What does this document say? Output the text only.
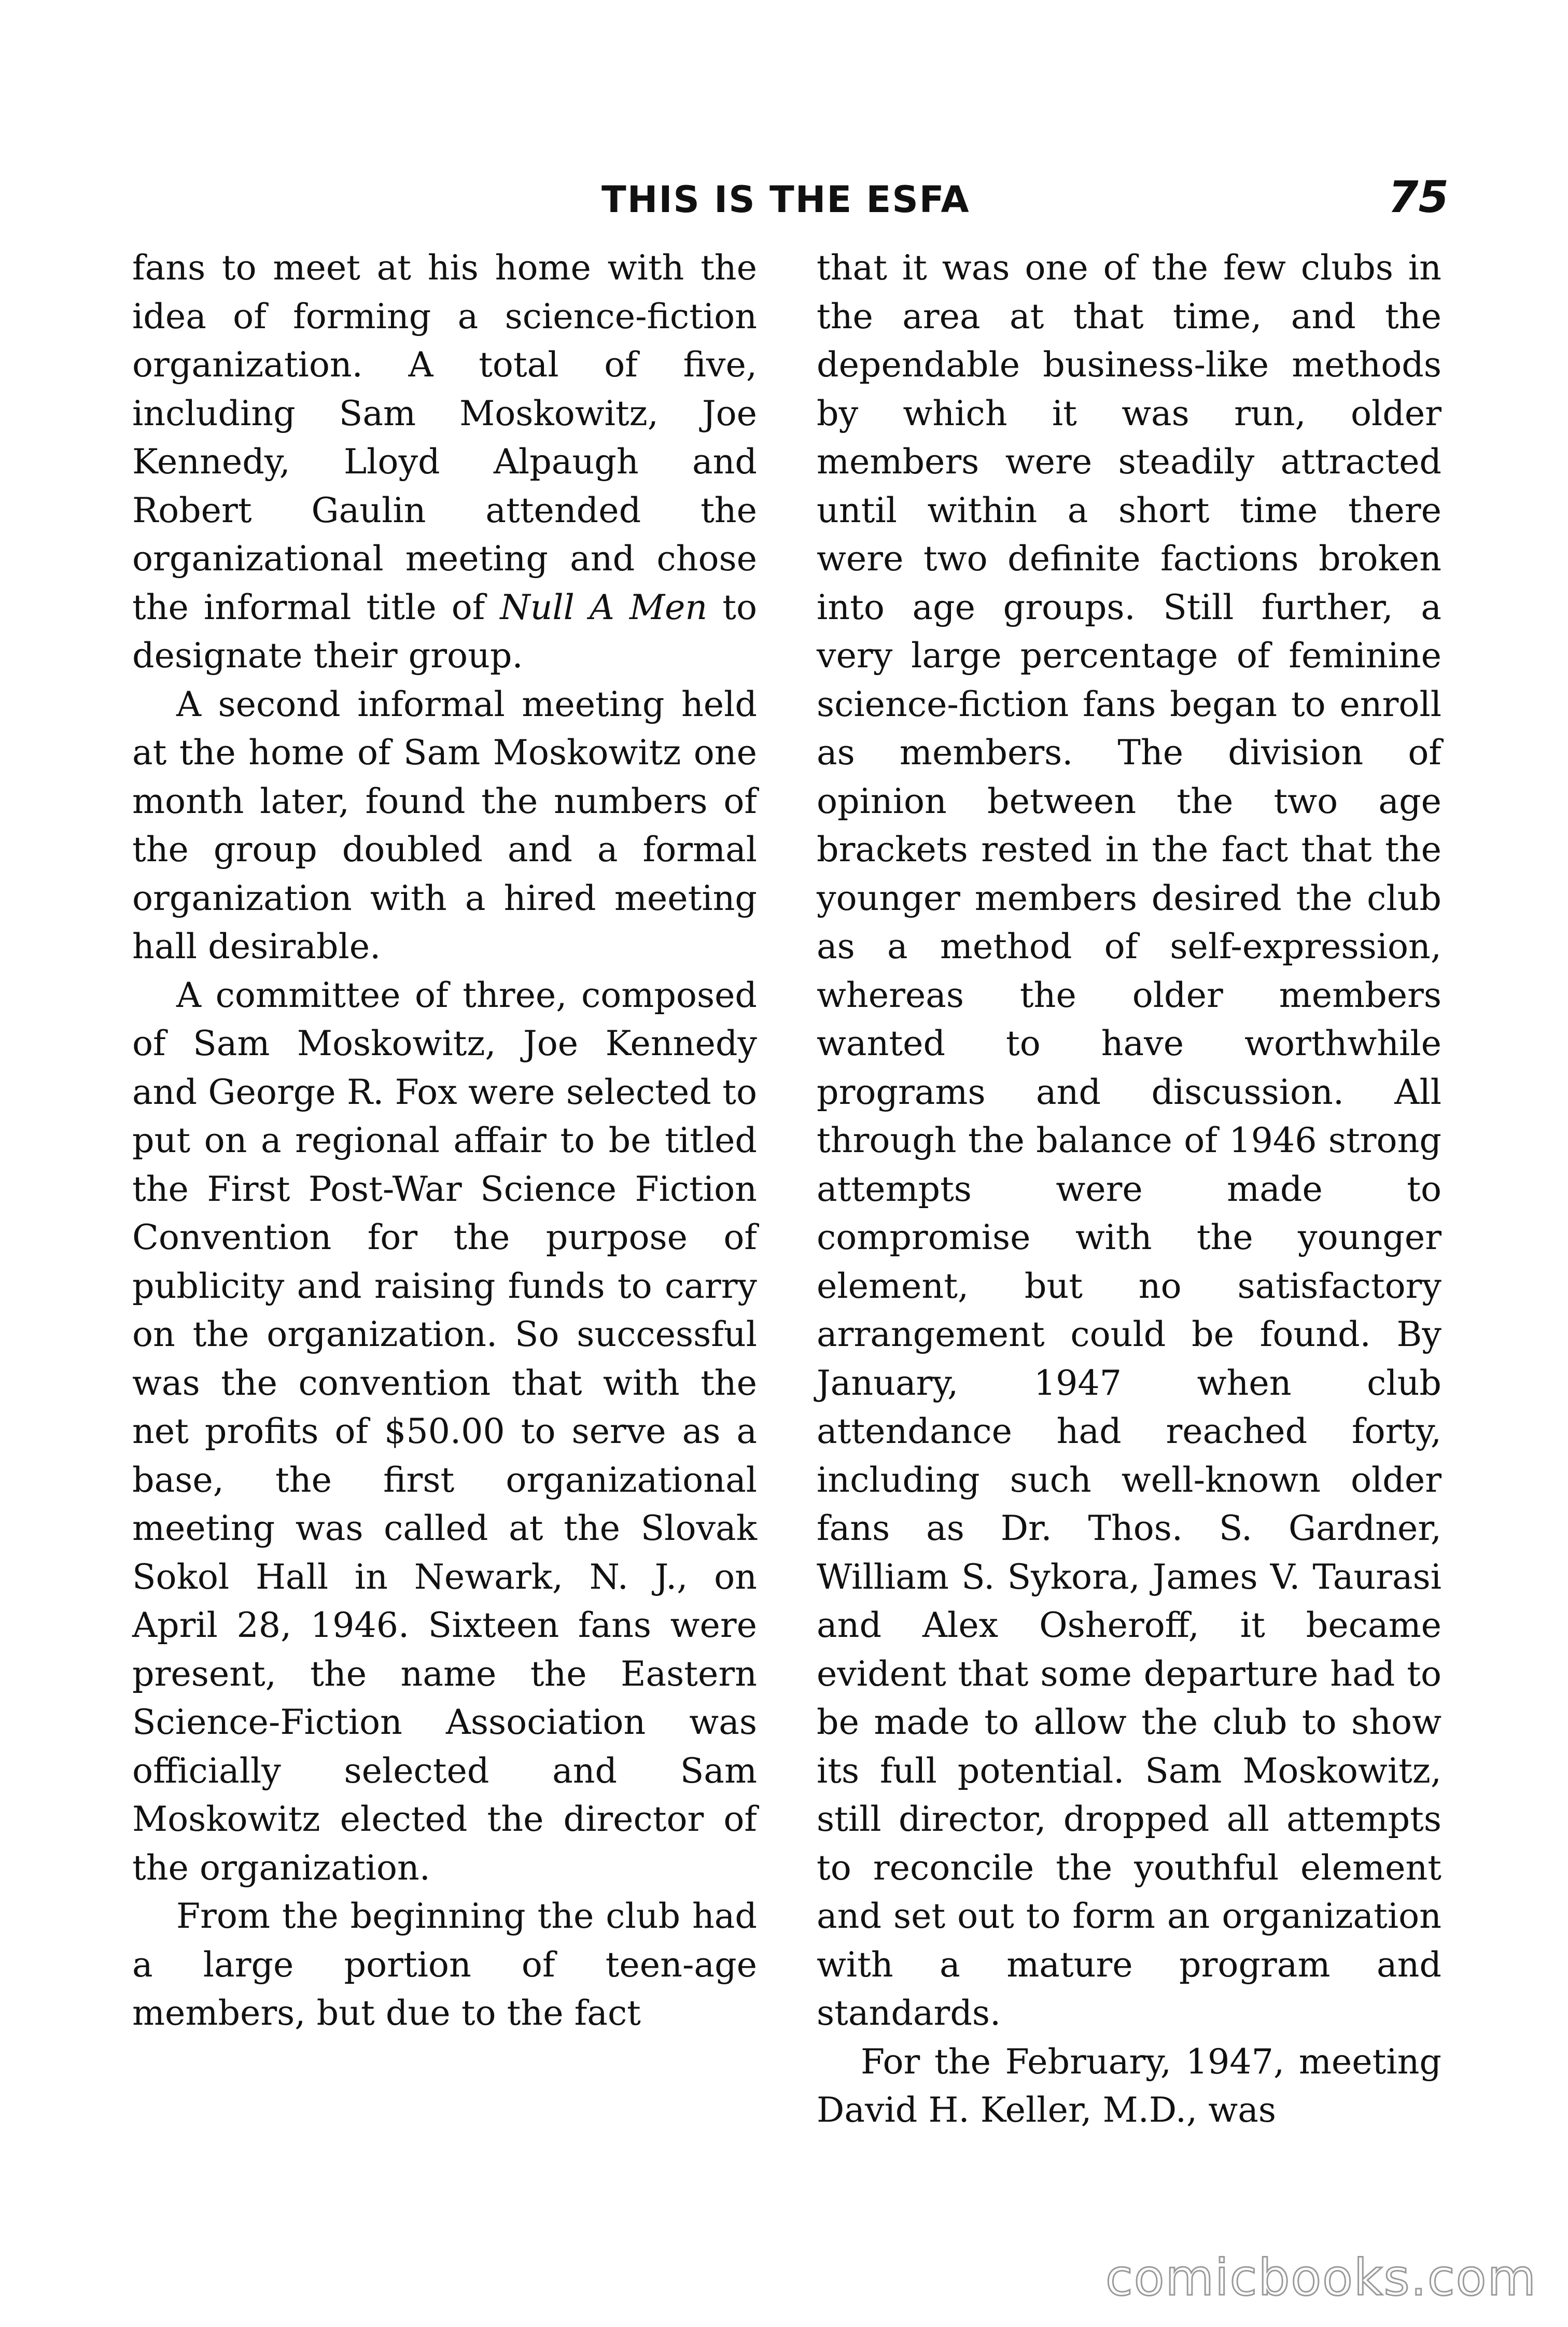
THIS IS THE ESFA	75

fans to meet at his home with the idea of forming a science-fiction organization. A total of five, including Sam Moskowitz, Joe Kennedy, Lloyd Alpaugh and Robert Gaulin attended the organizational meeting and chose the informal title of Null A Men to designate their group.

A second informal meeting held at the home of Sam Moskowitz one month later, found the numbers of the group doubled and a formal organization with a hired meeting hall desirable.

A committee of three, composed of Sam Moskowitz, Joe Kennedy and George R. Fox were selected to put on a regional affair to be titled the First Post-War Science Fiction Convention for the purpose of publicity and raising funds to carry on the organization. So successful was the convention that with the net profits of $50.00 to serve as a base, the first organizational meeting was called at the Slovak Sokol Hall in Newark, N. J., on April 28, 1946. Sixteen fans were present, the name the Eastern Science-Fiction Association was officially selected and Sam Moskowitz elected the director of the organization.

From the beginning the club had a large portion of teen-age members, but due to the fact

that it was one of the few clubs in the area at that time, and the dependable business-like methods by which it was run, older members were steadily attracted until within a short time there were two definite factions broken into age groups. Still further, a very large percentage of feminine science-fiction fans began to enroll as members. The division of opinion between the two age brackets rested in the fact that the younger members desired the club as a method of self-expression, whereas the older members wanted to have worthwhile programs and discussion. All through the balance of 1946 strong attempts were made to compromise with the younger element, but no satisfactory arrangement could be found. By January, 1947 when club attendance had reached forty, including such well-known older fans as Dr. Thos. S. Gardner, William S. Sykora, James V. Taurasi and Alex Osheroff, it became evident that some departure had to be made to allow the club to show its full potential. Sam Moskowitz, still director, dropped all attempts to reconcile the youthful element and set out to form an organization with a mature program and standards.

For the February, 1947, meeting David H. Keller, M.D., was

comicbooks.com
